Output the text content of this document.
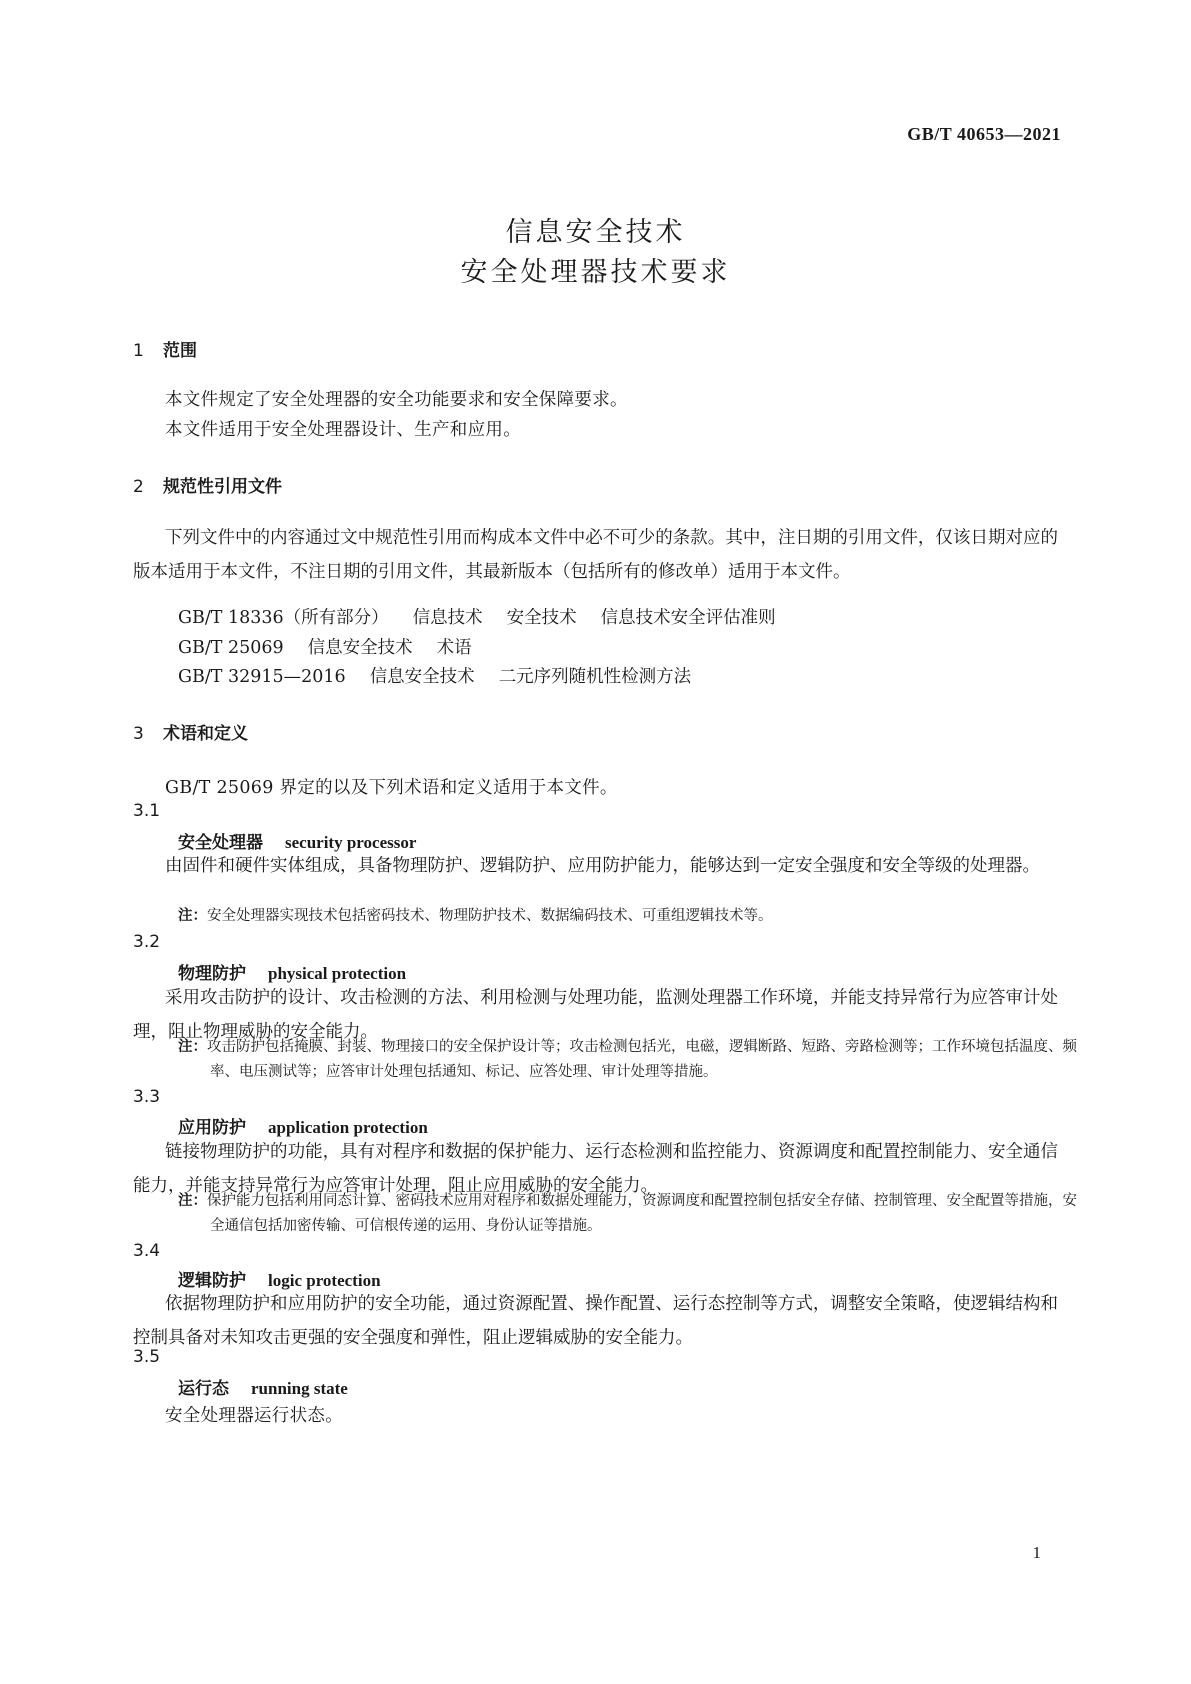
GB/T 40653—2021
信息安全技术
安全处理器技术要求
1 范围
本文件规定了安全处理器的安全功能要求和安全保障要求。
本文件适用于安全处理器设计、生产和应用。
2 规范性引用文件
下列文件中的内容通过文中规范性引用而构成本文件中必不可少的条款。其中，注日期的引用文件，仅该日期对应的版本适用于本文件，不注日期的引用文件，其最新版本（包括所有的修改单）适用于本文件。
GB/T 18336（所有部分） 信息技术 安全技术 信息技术安全评估准则
GB/T 25069 信息安全技术 术语
GB/T 32915—2016 信息安全技术 二元序列随机性检测方法
3 术语和定义
GB/T 25069 界定的以及下列术语和定义适用于本文件。
3.1
安全处理器 security processor
由固件和硬件实体组成，具备物理防护、逻辑防护、应用防护能力，能够达到一定安全强度和安全等级的处理器。
注：安全处理器实现技术包括密码技术、物理防护技术、数据编码技术、可重组逻辑技术等。
3.2
物理防护 physical protection
采用攻击防护的设计、攻击检测的方法、利用检测与处理功能，监测处理器工作环境，并能支持异常行为应答审计处理，阻止物理威胁的安全能力。
注：攻击防护包括掩膜、封装、物理接口的安全保护设计等；攻击检测包括光，电磁，逻辑断路、短路、旁路检测等；工作环境包括温度、频率、电压测试等；应答审计处理包括通知、标记、应答处理、审计处理等措施。
3.3
应用防护 application protection
链接物理防护的功能，具有对程序和数据的保护能力、运行态检测和监控能力、资源调度和配置控制能力、安全通信能力，并能支持异常行为应答审计处理，阻止应用威胁的安全能力。
注：保护能力包括利用同态计算、密码技术应用对程序和数据处理能力，资源调度和配置控制包括安全存储、控制管理、安全配置等措施，安全通信包括加密传输、可信根传递的运用、身份认证等措施。
3.4
逻辑防护 logic protection
依据物理防护和应用防护的安全功能，通过资源配置、操作配置、运行态控制等方式，调整安全策略，使逻辑结构和控制具备对未知攻击更强的安全强度和弹性，阻止逻辑威胁的安全能力。
3.5
运行态 running state
安全处理器运行状态。
1
